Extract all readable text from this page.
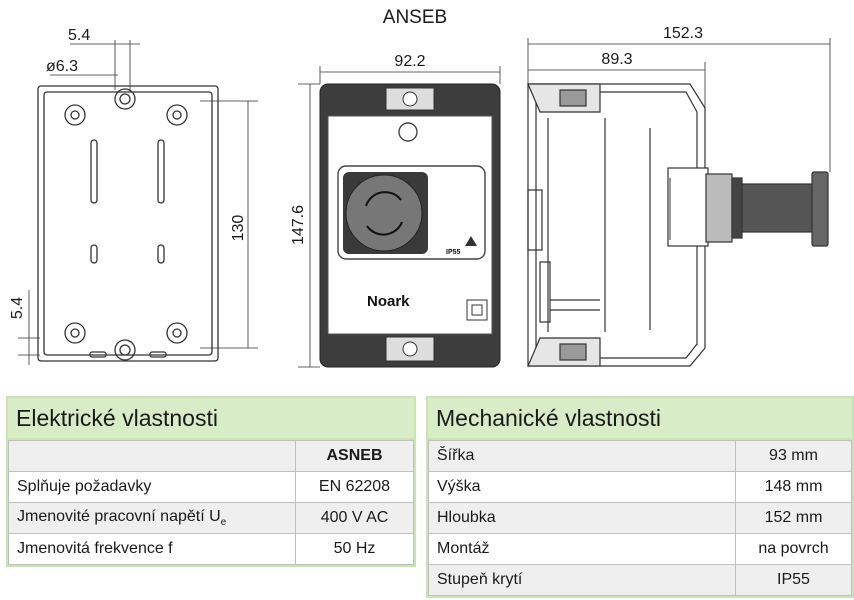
ANSEB
5.4
ø6.3
130
5.4
92.2
147.6
Noark
IP55
152.3
89.3
Elektrické vlastnosti
	ASNEB
Splňuje požadavky	EN 62208
Jmenovité pracovní napětí $U_e$	400 V AC
Jmenovitá frekvence f	50 Hz
Mechanické vlastnosti
Šířka	93 mm
Výška	148 mm
Hloubka	152 mm
Montáž	na povrch
Stupeň krytí	IP55
